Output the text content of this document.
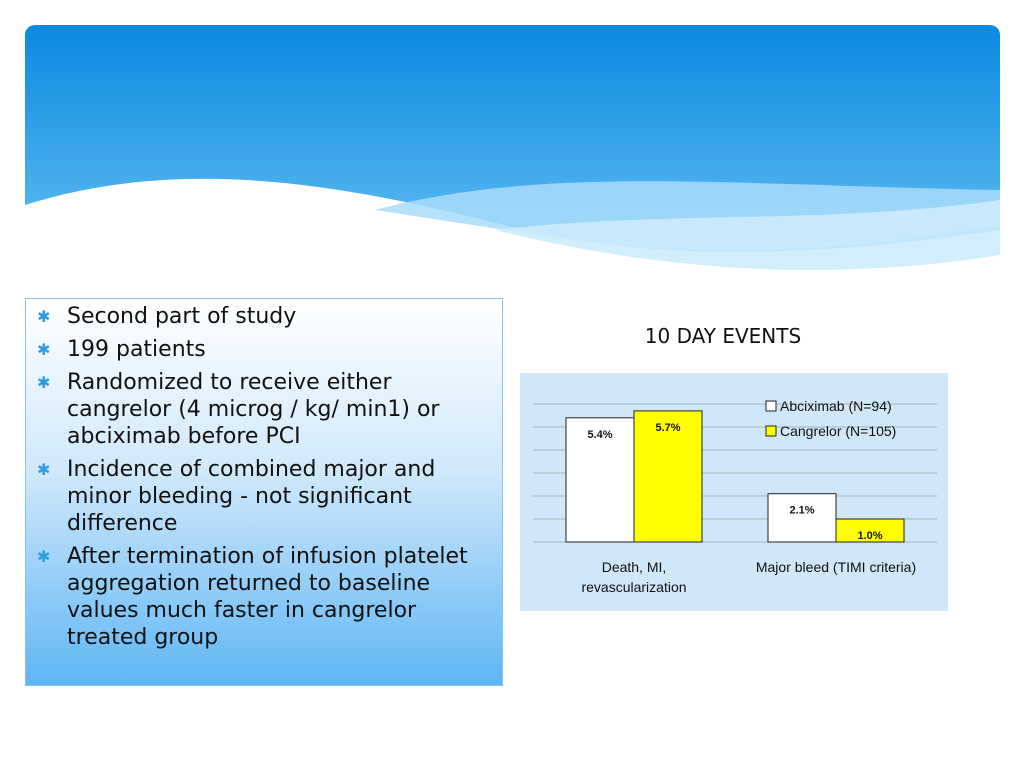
✱ Second part of study
✱ 199 patients
✱ Randomized to receive either cangrelor (4 microg / kg/ min1) or abciximab before PCI
✱ Incidence of combined major and minor bleeding - not significant difference
✱ After termination of infusion platelet aggregation returned to baseline values much faster in cangrelor treated group
10 DAY EVENTS
5.4%
5.7%
Death, MI, revascularization
2.1%
1.0%
Major bleed (TIMI criteria)
Abciximab (N=94)
Cangrelor (N=105)
